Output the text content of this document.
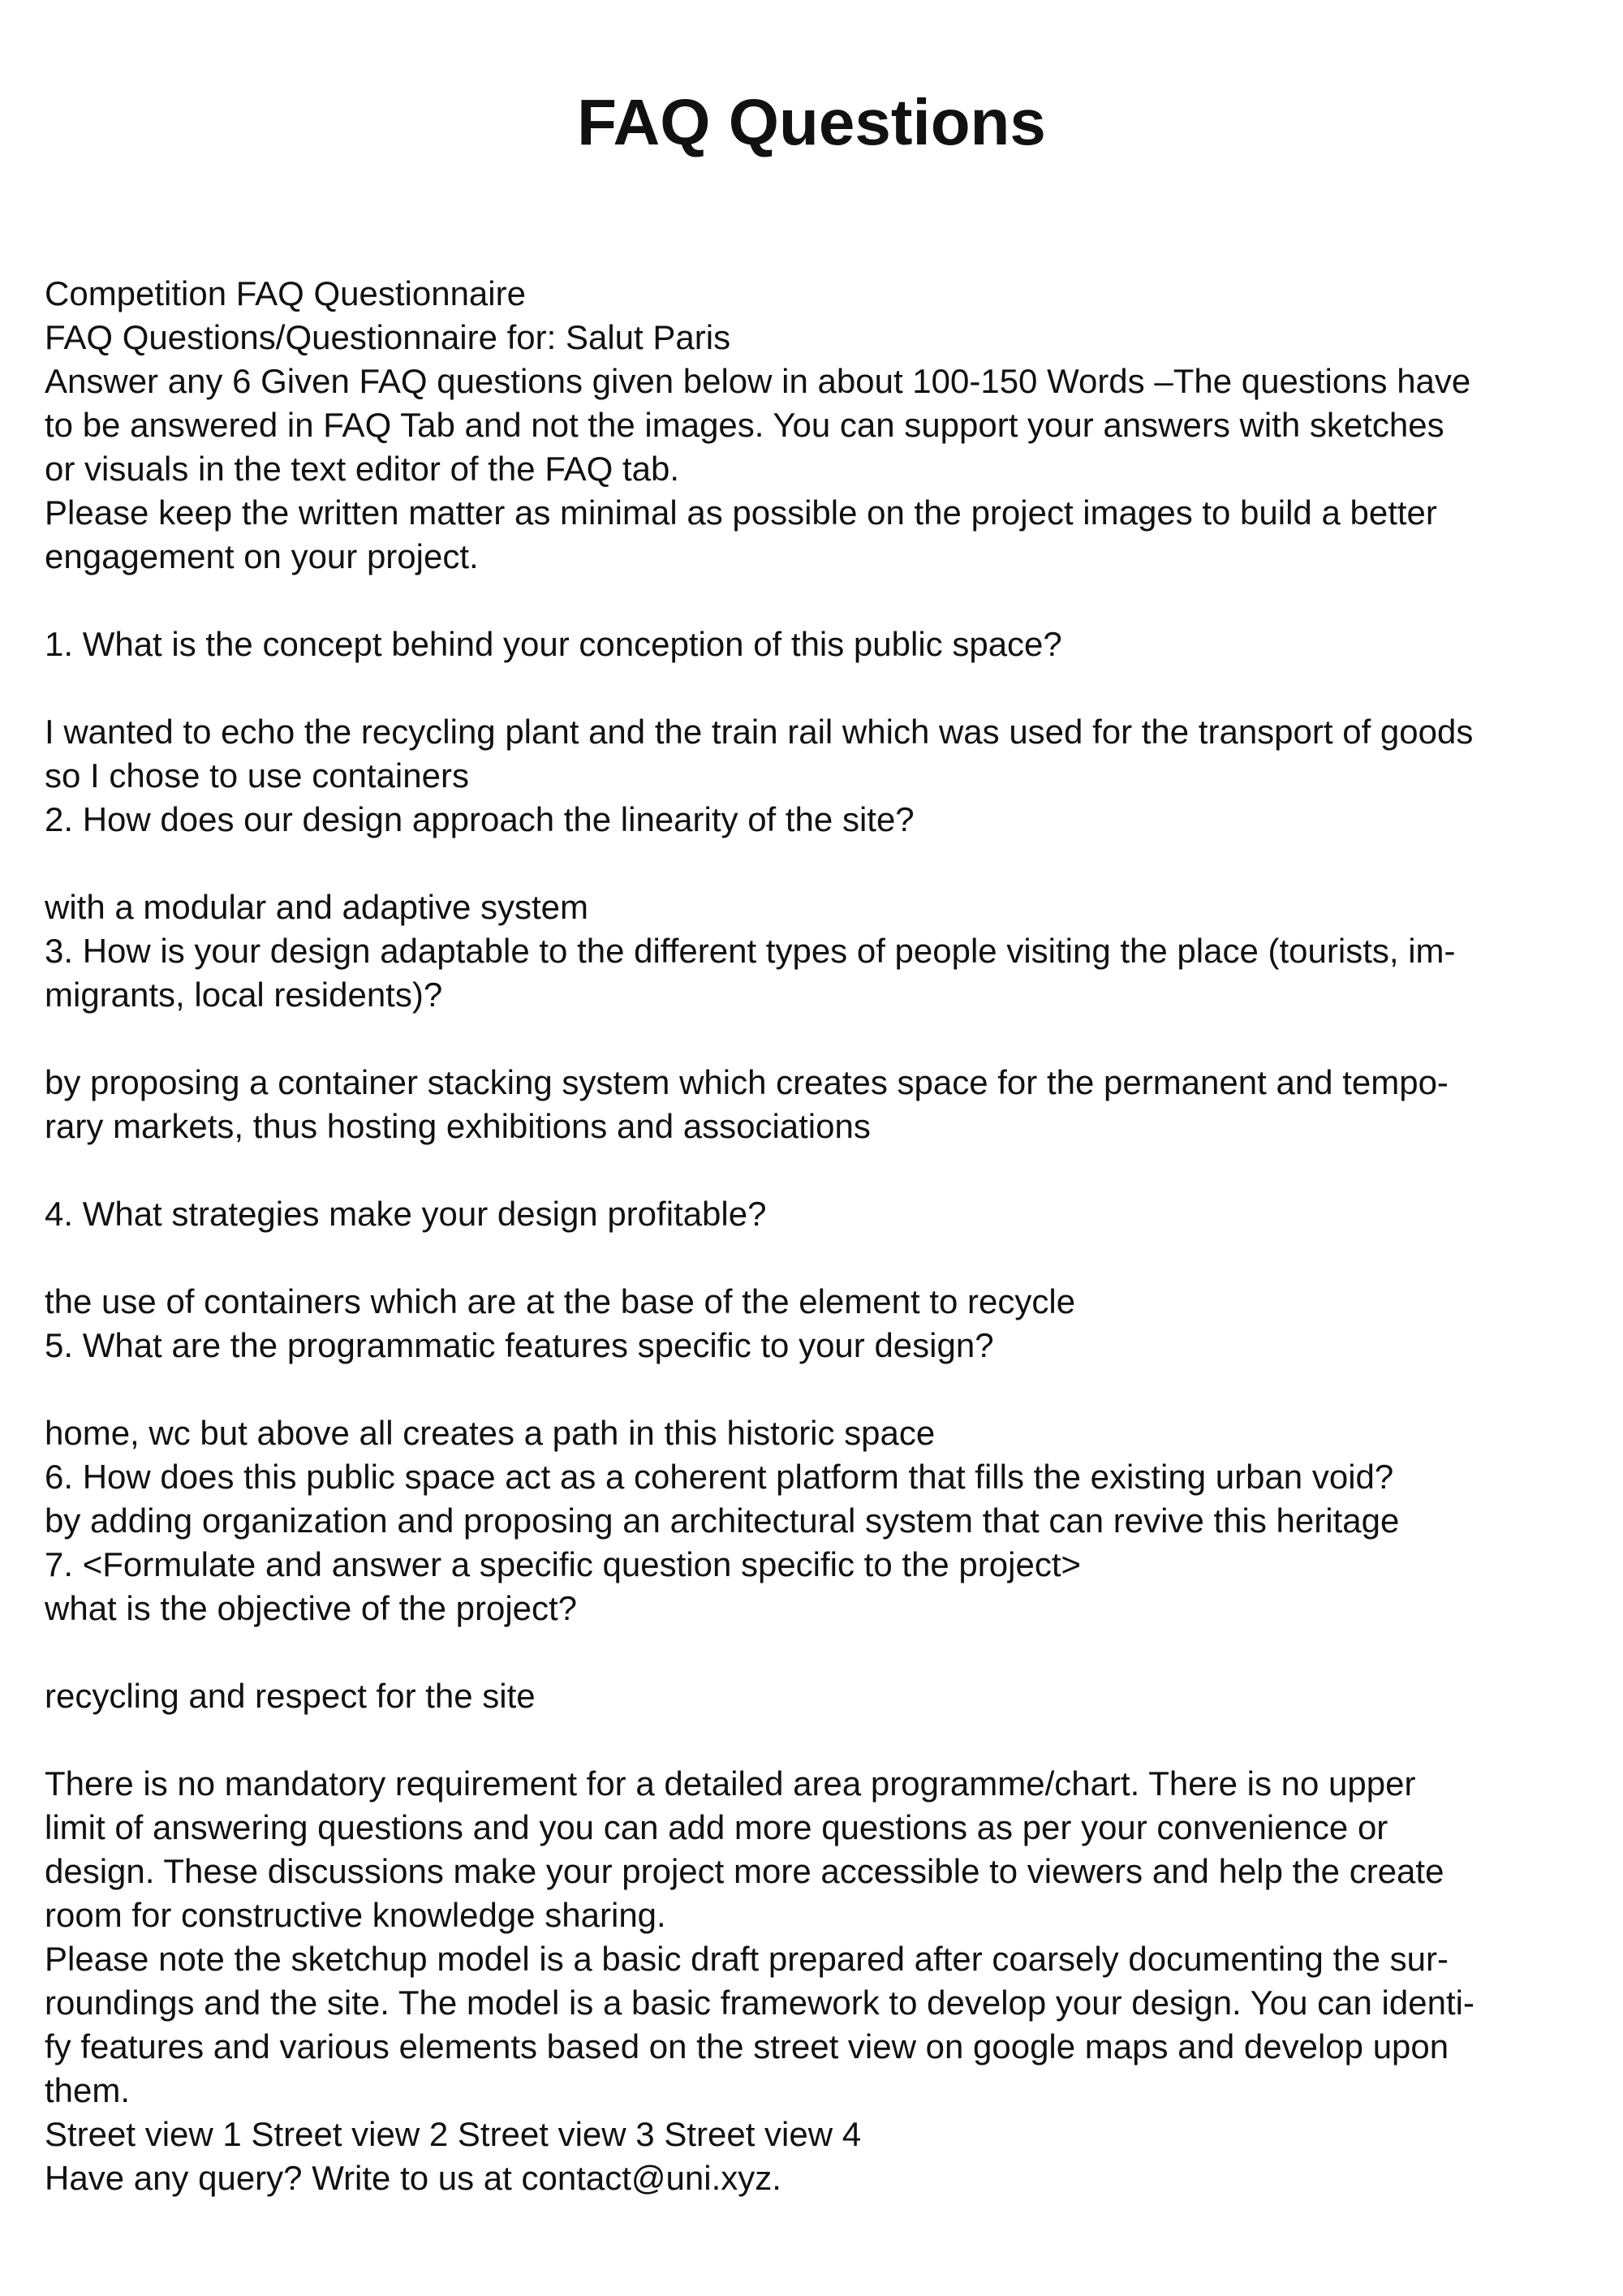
FAQ Questions
Competition FAQ Questionnaire
FAQ Questions/Questionnaire for: Salut Paris
Answer any 6 Given FAQ questions given below in about 100-150 Words –The questions have
to be answered in FAQ Tab and not the images. You can support your answers with sketches
or visuals in the text editor of the FAQ tab.
Please keep the written matter as minimal as possible on the project images to build a better
engagement on your project.
1. What is the concept behind your conception of this public space?
I wanted to echo the recycling plant and the train rail which was used for the transport of goods
so I chose to use containers
2. How does our design approach the linearity of the site?
with a modular and adaptive system
3. How is your design adaptable to the different types of people visiting the place (tourists, im-
migrants, local residents)?
by proposing a container stacking system which creates space for the permanent and tempo-
rary markets, thus hosting exhibitions and associations
4. What strategies make your design profitable?
the use of containers which are at the base of the element to recycle
5. What are the programmatic features specific to your design?
home, wc but above all creates a path in this historic space
6. How does this public space act as a coherent platform that fills the existing urban void?
by adding organization and proposing an architectural system that can revive this heritage
7. <Formulate and answer a specific question specific to the project>
what is the objective of the project?
recycling and respect for the site
There is no mandatory requirement for a detailed area programme/chart. There is no upper
limit of answering questions and you can add more questions as per your convenience or
design. These discussions make your project more accessible to viewers and help the create
room for constructive knowledge sharing.
Please note the sketchup model is a basic draft prepared after coarsely documenting the sur-
roundings and the site. The model is a basic framework to develop your design. You can identi-
fy features and various elements based on the street view on google maps and develop upon
them.
Street view 1 Street view 2 Street view 3 Street view 4
Have any query? Write to us at contact@uni.xyz.
